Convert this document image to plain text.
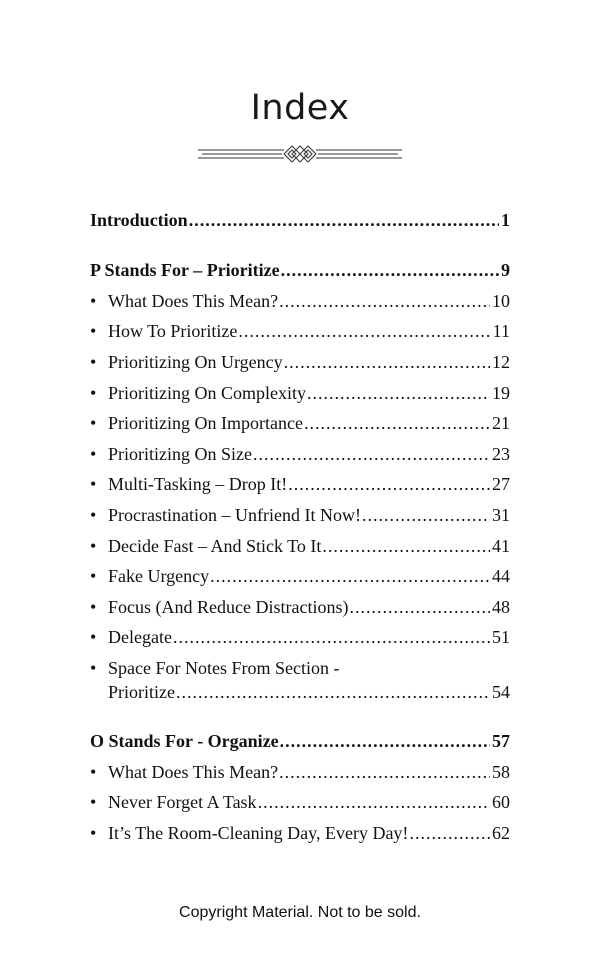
Index
Introduction .....	1
P Stands For – Prioritize .....	9
• What Does This Mean? .....	10
• How To Prioritize .....	11
• Prioritizing On Urgency .....	12
• Prioritizing On Complexity .....	19
• Prioritizing On Importance .....	21
• Prioritizing On Size .....	23
• Multi-Tasking – Drop It! .....	27
• Procrastination – Unfriend It Now! .....	31
• Decide Fast – And Stick To It .....	41
• Fake Urgency .....	44
• Focus (And Reduce Distractions) .....	48
• Delegate .....	51
• Space For Notes From Section -
Prioritize .....	54
O Stands For - Organize .....	57
• What Does This Mean? .....	58
• Never Forget A Task .....	60
• It’s The Room-Cleaning Day, Every Day! .....	62
Copyright Material. Not to be sold.
